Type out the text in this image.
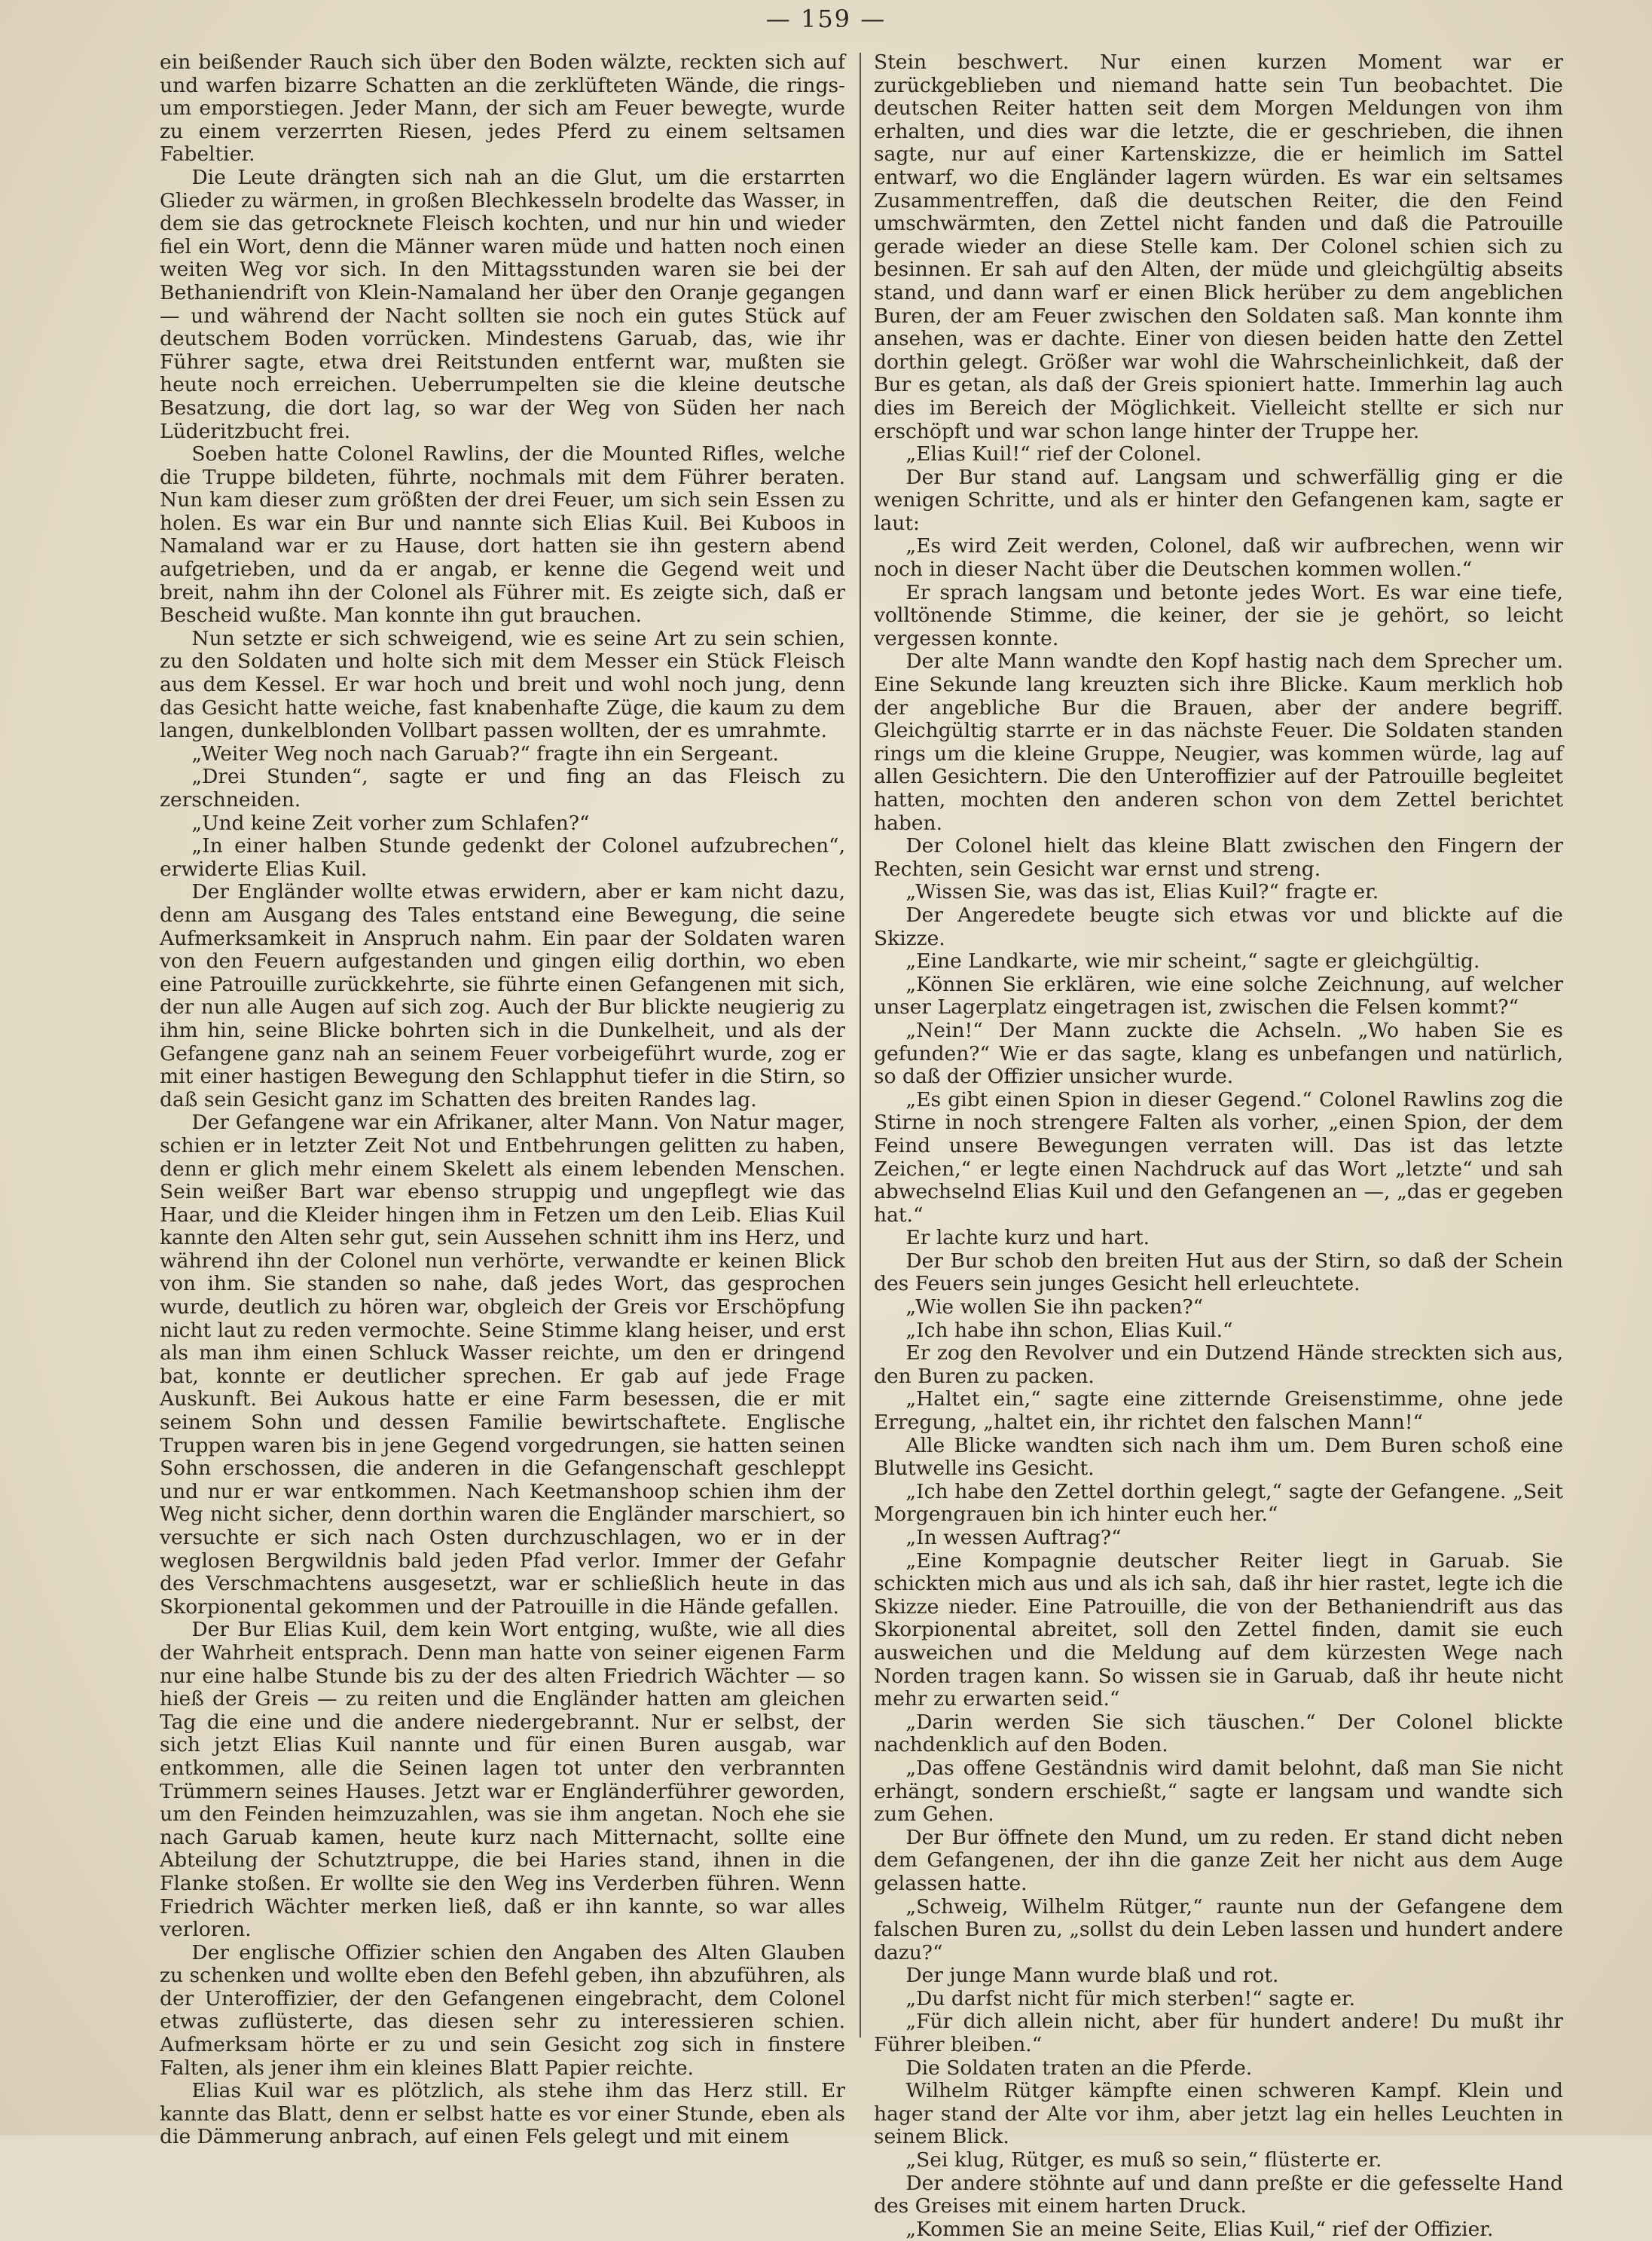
— 159 —

ein beißender Rauch sich über den Boden wälzte, reckten sich auf und warfen bizarre Schatten an die zerklüfteten Wände, die rings-um emporstiegen. Jeder Mann, der sich am Feuer bewegte, wurde zu einem verzerrten Riesen, jedes Pferd zu einem seltsamen Fabeltier.

Die Leute drängten sich nah an die Glut, um die erstarrten Glieder zu wärmen, in großen Blechkesseln brodelte das Wasser, in dem sie das getrocknete Fleisch kochten, und nur hin und wieder fiel ein Wort, denn die Männer waren müde und hatten noch einen weiten Weg vor sich. In den Mittagsstunden waren sie bei der Bethaniendrift von Klein-Namaland her über den Oranje gegangen — und während der Nacht sollten sie noch ein gutes Stück auf deutschem Boden vorrücken. Mindestens Garuab, das, wie ihr Führer sagte, etwa drei Reitstunden entfernt war, mußten sie heute noch erreichen. Ueberrumpelten sie die kleine deutsche Besatzung, die dort lag, so war der Weg von Süden her nach Lüderitzbucht frei.

Soeben hatte Colonel Rawlins, der die Mounted Rifles, welche die Truppe bildeten, führte, nochmals mit dem Führer beraten. Nun kam dieser zum größten der drei Feuer, um sich sein Essen zu holen. Es war ein Bur und nannte sich Elias Kuil. Bei Kuboos in Namaland war er zu Hause, dort hatten sie ihn gestern abend aufgetrieben, und da er angab, er kenne die Gegend weit und breit, nahm ihn der Colonel als Führer mit. Es zeigte sich, daß er Bescheid wußte. Man konnte ihn gut brauchen.

Nun setzte er sich schweigend, wie es seine Art zu sein schien, zu den Soldaten und holte sich mit dem Messer ein Stück Fleisch aus dem Kessel. Er war hoch und breit und wohl noch jung, denn das Gesicht hatte weiche, fast knabenhafte Züge, die kaum zu dem langen, dunkelblonden Vollbart passen wollten, der es umrahmte.

„Weiter Weg noch nach Garuab?“ fragte ihn ein Sergeant.

„Drei Stunden“, sagte er und fing an das Fleisch zu zerschneiden.

„Und keine Zeit vorher zum Schlafen?“

„In einer halben Stunde gedenkt der Colonel aufzubrechen“, erwiderte Elias Kuil.

Der Engländer wollte etwas erwidern, aber er kam nicht dazu, denn am Ausgang des Tales entstand eine Bewegung, die seine Aufmerksamkeit in Anspruch nahm. Ein paar der Soldaten waren von den Feuern aufgestanden und gingen eilig dorthin, wo eben eine Patrouille zurückkehrte, sie führte einen Gefangenen mit sich, der nun alle Augen auf sich zog. Auch der Bur blickte neugierig zu ihm hin, seine Blicke bohrten sich in die Dunkelheit, und als der Gefangene ganz nah an seinem Feuer vorbeigeführt wurde, zog er mit einer hastigen Bewegung den Schlapphut tiefer in die Stirn, so daß sein Gesicht ganz im Schatten des breiten Randes lag.

Der Gefangene war ein Afrikaner, alter Mann. Von Natur mager, schien er in letzter Zeit Not und Entbehrungen gelitten zu haben, denn er glich mehr einem Skelett als einem lebenden Menschen. Sein weißer Bart war ebenso struppig und ungepflegt wie das Haar, und die Kleider hingen ihm in Fetzen um den Leib. Elias Kuil kannte den Alten sehr gut, sein Aussehen schnitt ihm ins Herz, und während ihn der Colonel nun verhörte, verwandte er keinen Blick von ihm. Sie standen so nahe, daß jedes Wort, das gesprochen wurde, deutlich zu hören war, obgleich der Greis vor Erschöpfung nicht laut zu reden vermochte. Seine Stimme klang heiser, und erst als man ihm einen Schluck Wasser reichte, um den er dringend bat, konnte er deutlicher sprechen. Er gab auf jede Frage Auskunft. Bei Aukous hatte er eine Farm besessen, die er mit seinem Sohn und dessen Familie bewirtschaftete. Englische Truppen waren bis in jene Gegend vorgedrungen, sie hatten seinen Sohn erschossen, die anderen in die Gefangenschaft geschleppt und nur er war entkommen. Nach Keetmanshoop schien ihm der Weg nicht sicher, denn dorthin waren die Engländer marschiert, so versuchte er sich nach Osten durchzuschlagen, wo er in der weglosen Bergwildnis bald jeden Pfad verlor. Immer der Gefahr des Verschmachtens ausgesetzt, war er schließlich heute in das Skorpionental gekommen und der Patrouille in die Hände gefallen.

Der Bur Elias Kuil, dem kein Wort entging, wußte, wie all dies der Wahrheit entsprach. Denn man hatte von seiner eigenen Farm nur eine halbe Stunde bis zu der des alten Friedrich Wächter — so hieß der Greis — zu reiten und die Engländer hatten am gleichen Tag die eine und die andere niedergebrannt. Nur er selbst, der sich jetzt Elias Kuil nannte und für einen Buren ausgab, war entkommen, alle die Seinen lagen tot unter den verbrannten Trümmern seines Hauses. Jetzt war er Engländerführer geworden, um den Feinden heimzuzahlen, was sie ihm angetan. Noch ehe sie nach Garuab kamen, heute kurz nach Mitternacht, sollte eine Abteilung der Schutztruppe, die bei Haries stand, ihnen in die Flanke stoßen. Er wollte sie den Weg ins Verderben führen. Wenn Friedrich Wächter merken ließ, daß er ihn kannte, so war alles verloren.

Der englische Offizier schien den Angaben des Alten Glauben zu schenken und wollte eben den Befehl geben, ihn abzuführen, als der Unteroffizier, der den Gefangenen eingebracht, dem Colonel etwas zuflüsterte, das diesen sehr zu interessieren schien. Aufmerksam hörte er zu und sein Gesicht zog sich in finstere Falten, als jener ihm ein kleines Blatt Papier reichte.

Elias Kuil war es plötzlich, als stehe ihm das Herz still. Er kannte das Blatt, denn er selbst hatte es vor einer Stunde, eben als die Dämmerung anbrach, auf einen Fels gelegt und mit einem

Stein beschwert. Nur einen kurzen Moment war er zurückgeblieben und niemand hatte sein Tun beobachtet. Die deutschen Reiter hatten seit dem Morgen Meldungen von ihm erhalten, und dies war die letzte, die er geschrieben, die ihnen sagte, nur auf einer Kartenskizze, die er heimlich im Sattel entwarf, wo die Engländer lagern würden. Es war ein seltsames Zusammentreffen, daß die deutschen Reiter, die den Feind umschwärmten, den Zettel nicht fanden und daß die Patrouille gerade wieder an diese Stelle kam. Der Colonel schien sich zu besinnen. Er sah auf den Alten, der müde und gleichgültig abseits stand, und dann warf er einen Blick herüber zu dem angeblichen Buren, der am Feuer zwischen den Soldaten saß. Man konnte ihm ansehen, was er dachte. Einer von diesen beiden hatte den Zettel dorthin gelegt. Größer war wohl die Wahrscheinlichkeit, daß der Bur es getan, als daß der Greis spioniert hatte. Immerhin lag auch dies im Bereich der Möglichkeit. Vielleicht stellte er sich nur erschöpft und war schon lange hinter der Truppe her.

„Elias Kuil!“ rief der Colonel.

Der Bur stand auf. Langsam und schwerfällig ging er die wenigen Schritte, und als er hinter den Gefangenen kam, sagte er laut:

„Es wird Zeit werden, Colonel, daß wir aufbrechen, wenn wir noch in dieser Nacht über die Deutschen kommen wollen.“

Er sprach langsam und betonte jedes Wort. Es war eine tiefe, volltönende Stimme, die keiner, der sie je gehört, so leicht vergessen konnte.

Der alte Mann wandte den Kopf hastig nach dem Sprecher um. Eine Sekunde lang kreuzten sich ihre Blicke. Kaum merklich hob der angebliche Bur die Brauen, aber der andere begriff. Gleichgültig starrte er in das nächste Feuer. Die Soldaten standen rings um die kleine Gruppe, Neugier, was kommen würde, lag auf allen Gesichtern. Die den Unteroffizier auf der Patrouille begleitet hatten, mochten den anderen schon von dem Zettel berichtet haben.

Der Colonel hielt das kleine Blatt zwischen den Fingern der Rechten, sein Gesicht war ernst und streng.

„Wissen Sie, was das ist, Elias Kuil?“ fragte er.

Der Angeredete beugte sich etwas vor und blickte auf die Skizze.

„Eine Landkarte, wie mir scheint,“ sagte er gleichgültig.

„Können Sie erklären, wie eine solche Zeichnung, auf welcher unser Lagerplatz eingetragen ist, zwischen die Felsen kommt?“

„Nein!“ Der Mann zuckte die Achseln. „Wo haben Sie es gefunden?“ Wie er das sagte, klang es unbefangen und natürlich, so daß der Offizier unsicher wurde.

„Es gibt einen Spion in dieser Gegend.“ Colonel Rawlins zog die Stirne in noch strengere Falten als vorher, „einen Spion, der dem Feind unsere Bewegungen verraten will. Das ist das letzte Zeichen,“ er legte einen Nachdruck auf das Wort „letzte“ und sah abwechselnd Elias Kuil und den Gefangenen an —, „das er gegeben hat.“

Er lachte kurz und hart.

Der Bur schob den breiten Hut aus der Stirn, so daß der Schein des Feuers sein junges Gesicht hell erleuchtete.

„Wie wollen Sie ihn packen?“

„Ich habe ihn schon, Elias Kuil.“

Er zog den Revolver und ein Dutzend Hände streckten sich aus, den Buren zu packen.

„Haltet ein,“ sagte eine zitternde Greisenstimme, ohne jede Erregung, „haltet ein, ihr richtet den falschen Mann!“

Alle Blicke wandten sich nach ihm um. Dem Buren schoß eine Blutwelle ins Gesicht.

„Ich habe den Zettel dorthin gelegt,“ sagte der Gefangene. „Seit Morgengrauen bin ich hinter euch her.“

„In wessen Auftrag?“

„Eine Kompagnie deutscher Reiter liegt in Garuab. Sie schickten mich aus und als ich sah, daß ihr hier rastet, legte ich die Skizze nieder. Eine Patrouille, die von der Bethaniendrift aus das Skorpionental abreitet, soll den Zettel finden, damit sie euch ausweichen und die Meldung auf dem kürzesten Wege nach Norden tragen kann. So wissen sie in Garuab, daß ihr heute nicht mehr zu erwarten seid.“

„Darin werden Sie sich täuschen.“ Der Colonel blickte nachdenklich auf den Boden.

„Das offene Geständnis wird damit belohnt, daß man Sie nicht erhängt, sondern erschießt,“ sagte er langsam und wandte sich zum Gehen.

Der Bur öffnete den Mund, um zu reden. Er stand dicht neben dem Gefangenen, der ihn die ganze Zeit her nicht aus dem Auge gelassen hatte.

„Schweig, Wilhelm Rütger,“ raunte nun der Gefangene dem falschen Buren zu, „sollst du dein Leben lassen und hundert andere dazu?“

Der junge Mann wurde blaß und rot.

„Du darfst nicht für mich sterben!“ sagte er.

„Für dich allein nicht, aber für hundert andere! Du mußt ihr Führer bleiben.“

Die Soldaten traten an die Pferde.

Wilhelm Rütger kämpfte einen schweren Kampf. Klein und hager stand der Alte vor ihm, aber jetzt lag ein helles Leuchten in seinem Blick.

„Sei klug, Rütger, es muß so sein,“ flüsterte er.

Der andere stöhnte auf und dann preßte er die gefesselte Hand des Greises mit einem harten Druck.

„Kommen Sie an meine Seite, Elias Kuil,“ rief der Offizier.
